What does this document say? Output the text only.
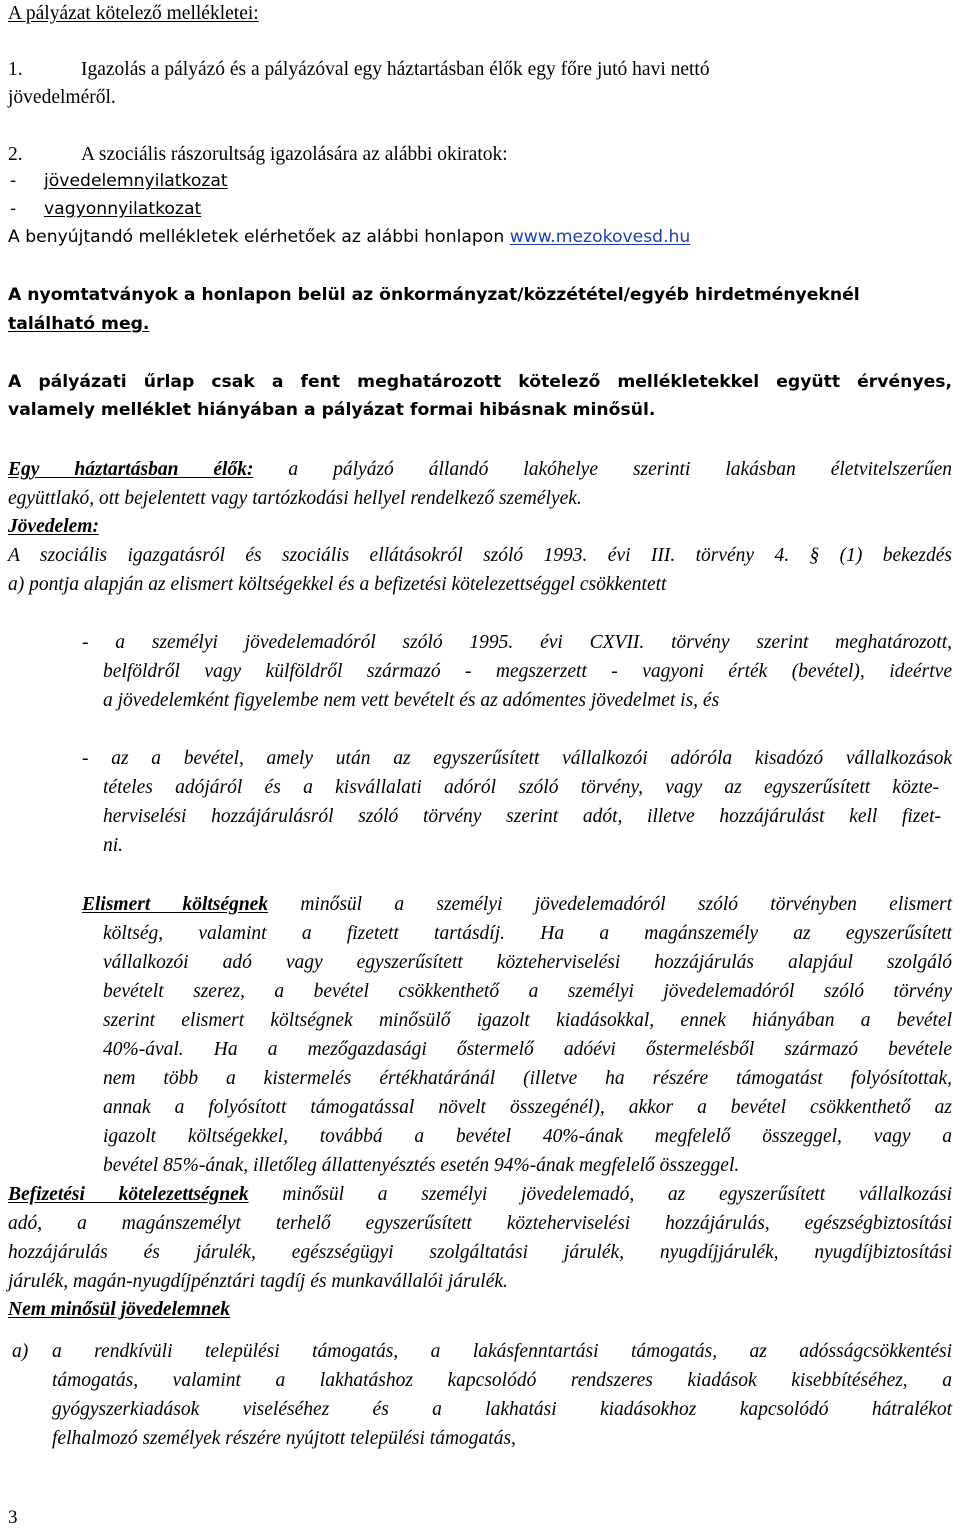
A pályázat kötelező mellékletei:
1.	Igazolás a pályázó és a pályázóval egy háztartásban élők egy főre jutó havi nettó
jövedelméről.
2.	A szociális rászorultság igazolására az alábbi okiratok:
- jövedelemnyilatkozat
- vagyonnyilatkozat
A benyújtandó mellékletek elérhetőek az alábbi honlapon www.mezokovesd.hu
A nyomtatványok a honlapon belül az önkormányzat/közzététel/egyéb hirdetményeknél
található meg.
A pályázati űrlap csak a fent meghatározott kötelező mellékletekkel együtt érvényes,
valamely melléklet hiányában a pályázat formai hibásnak minősül.
Egy háztartásban élők: a pályázó állandó lakóhelye szerinti lakásban életvitelszerűen
együttlakó, ott bejelentett vagy tartózkodási hellyel rendelkező személyek.
Jövedelem:
A szociális igazgatásról és szociális ellátásokról szóló 1993. évi III. törvény 4. § (1) bekezdés
a) pontja alapján az elismert költségekkel és a befizetési kötelezettséggel csökkentett
- a személyi jövedelemadóról szóló 1995. évi CXVII. törvény szerint meghatározott,
belföldről vagy külföldről származó - megszerzett - vagyoni érték (bevétel), ideértve
a jövedelemként figyelembe nem vett bevételt és az adómentes jövedelmet is, és
- az a bevétel, amely után az egyszerűsített vállalkozói adóróla kisadózó vállalkozások
tételes adójáról és a kisvállalati adóról szóló törvény, vagy az egyszerűsített közte-
herviselési hozzájárulásról szóló törvény szerint adót, illetve hozzájárulást kell fizet-
ni.
Elismert költségnek minősül a személyi jövedelemadóról szóló törvényben elismert
költség, valamint a fizetett tartásdíj. Ha a magánszemély az egyszerűsített
vállalkozói adó vagy egyszerűsített közteherviselési hozzájárulás alapjául szolgáló
bevételt szerez, a bevétel csökkenthető a személyi jövedelemadóról szóló törvény
szerint elismert költségnek minősülő igazolt kiadásokkal, ennek hiányában a bevétel
40%-ával. Ha a mezőgazdasági őstermelő adóévi őstermelésből származó bevétele
nem több a kistermelés értékhatáránál (illetve ha részére támogatást folyósítottak,
annak a folyósított támogatással növelt összegénél), akkor a bevétel csökkenthető az
igazolt költségekkel, továbbá a bevétel 40%-ának megfelelő összeggel, vagy a
bevétel 85%-ának, illetőleg állattenyésztés esetén 94%-ának megfelelő összeggel.
Befizetési kötelezettségnek minősül a személyi jövedelemadó, az egyszerűsített vállalkozási
adó, a magánszemélyt terhelő egyszerűsített közteherviselési hozzájárulás, egészségbiztosítási
hozzájárulás és járulék, egészségügyi szolgáltatási járulék, nyugdíjjárulék, nyugdíjbiztosítási
járulék, magán-nyugdíjpénztári tagdíj és munkavállalói járulék.
Nem minősül jövedelemnek
a) a rendkívüli települési támogatás, a lakásfenntartási támogatás, az adósságcsökkentési
támogatás, valamint a lakhatáshoz kapcsolódó rendszeres kiadások kisebbítéséhez, a
gyógyszerkiadások viseléséhez és a lakhatási kiadásokhoz kapcsolódó hátralékot
felhalmozó személyek részére nyújtott települési támogatás,
3
